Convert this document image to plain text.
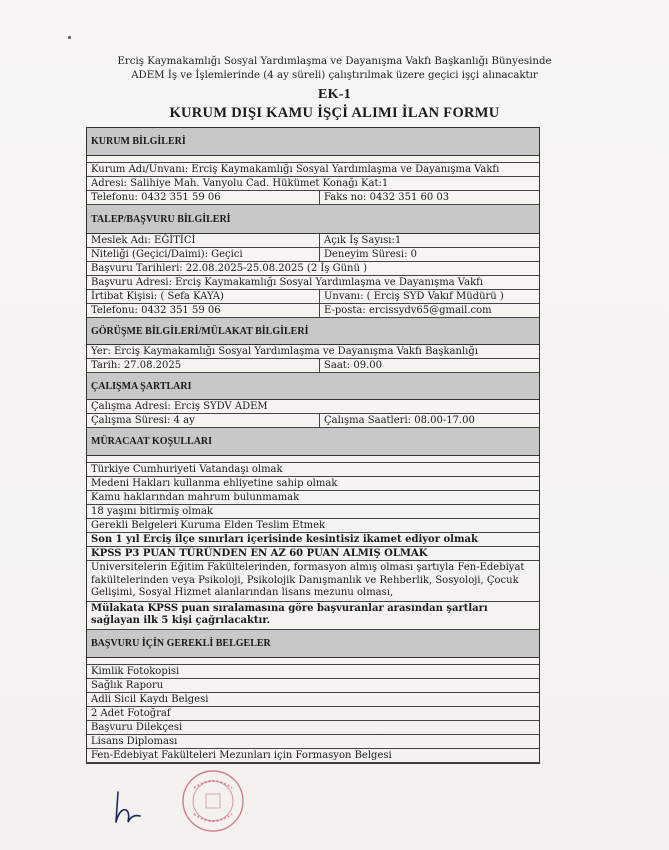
Erciş Kaymakamlığı Sosyal Yardımlaşma ve Dayanışma Vakfı Başkanlığı Bünyesinde
ADEM İş ve İşlemlerinde (4 ay süreli) çalıştırılmak üzere geçici işçi alınacaktır
EK-1
KURUM DIŞI KAMU İŞÇİ ALIMI İLAN FORMU
KURUM BİLGİLERİ
Kurum Adı/Unvanı: Erciş Kaymakamlığı Sosyal Yardımlaşma ve Dayanışma Vakfı
Adresi: Salihiye Mah. Vanyolu Cad. Hükümet Konağı Kat:1
Telefonu: 0432 351 59 06	Faks no: 0432 351 60 03
TALEP/BAŞVURU BİLGİLERİ
Meslek Adı: EĞİTİCİ	Açık İş Sayısı:1
Niteliği (Geçici/Daimi): Geçici	Deneyim Süresi: 0
Başvuru Tarihleri: 22.08.2025-25.08.2025 (2 İş Günü )
Başvuru Adresi: Erciş Kaymakamlığı Sosyal Yardımlaşma ve Dayanışma Vakfı
İrtibat Kişisi: ( Sefa KAYA)	Unvanı: ( Erciş SYD Vakıf Müdürü )
Telefonu: 0432 351 59 06	E-posta: ercissydv65@gmail.com
GÖRÜŞME BİLGİLERİ/MÜLAKAT BİLGİLERİ
Yer: Erciş Kaymakamlığı Sosyal Yardımlaşma ve Dayanışma Vakfı Başkanlığı
Tarih: 27.08.2025	Saat: 09.00
ÇALIŞMA ŞARTLARI
Çalışma Adresi: Erciş SYDV ADEM
Çalışma Süresi: 4 ay	Çalışma Saatleri: 08.00-17.00
MÜRACAAT KOŞULLARI
Türkiye Cumhuriyeti Vatandaşı olmak
Medeni Hakları kullanma ehliyetine sahip olmak
Kamu haklarından mahrum bulunmamak
18 yaşını bitirmiş olmak
Gerekli Belgeleri Kuruma Elden Teslim Etmek
Son 1 yıl Erciş ilçe sınırları içerisinde kesintisiz ikamet ediyor olmak
KPSS P3 PUAN TÜRÜNDEN EN AZ 60 PUAN ALMIŞ OLMAK
Üniversitelerin Eğitim Fakültelerinden, formasyon almış olması şartıyla Fen-Edebiyat fakültelerinden veya Psikoloji, Psikolojik Danışmanlık ve Rehberlik, Sosyoloji, Çocuk Gelişimi, Sosyal Hizmet alanlarından lisans mezunu olması,
Mülakata KPSS puan sıralamasına göre başvuranlar arasından şartları sağlayan ilk 5 kişi çağrılacaktır.
BAŞVURU İÇİN GEREKLİ BELGELER
Kimlik Fotokopisi
Sağlık Raporu
Adli Sicil Kaydı Belgesi
2 Adet Fotoğraf
Başvuru Dilekçesi
Lisans Diploması
Fen-Edebiyat Fakülteleri Mezunları için Formasyon Belgesi
